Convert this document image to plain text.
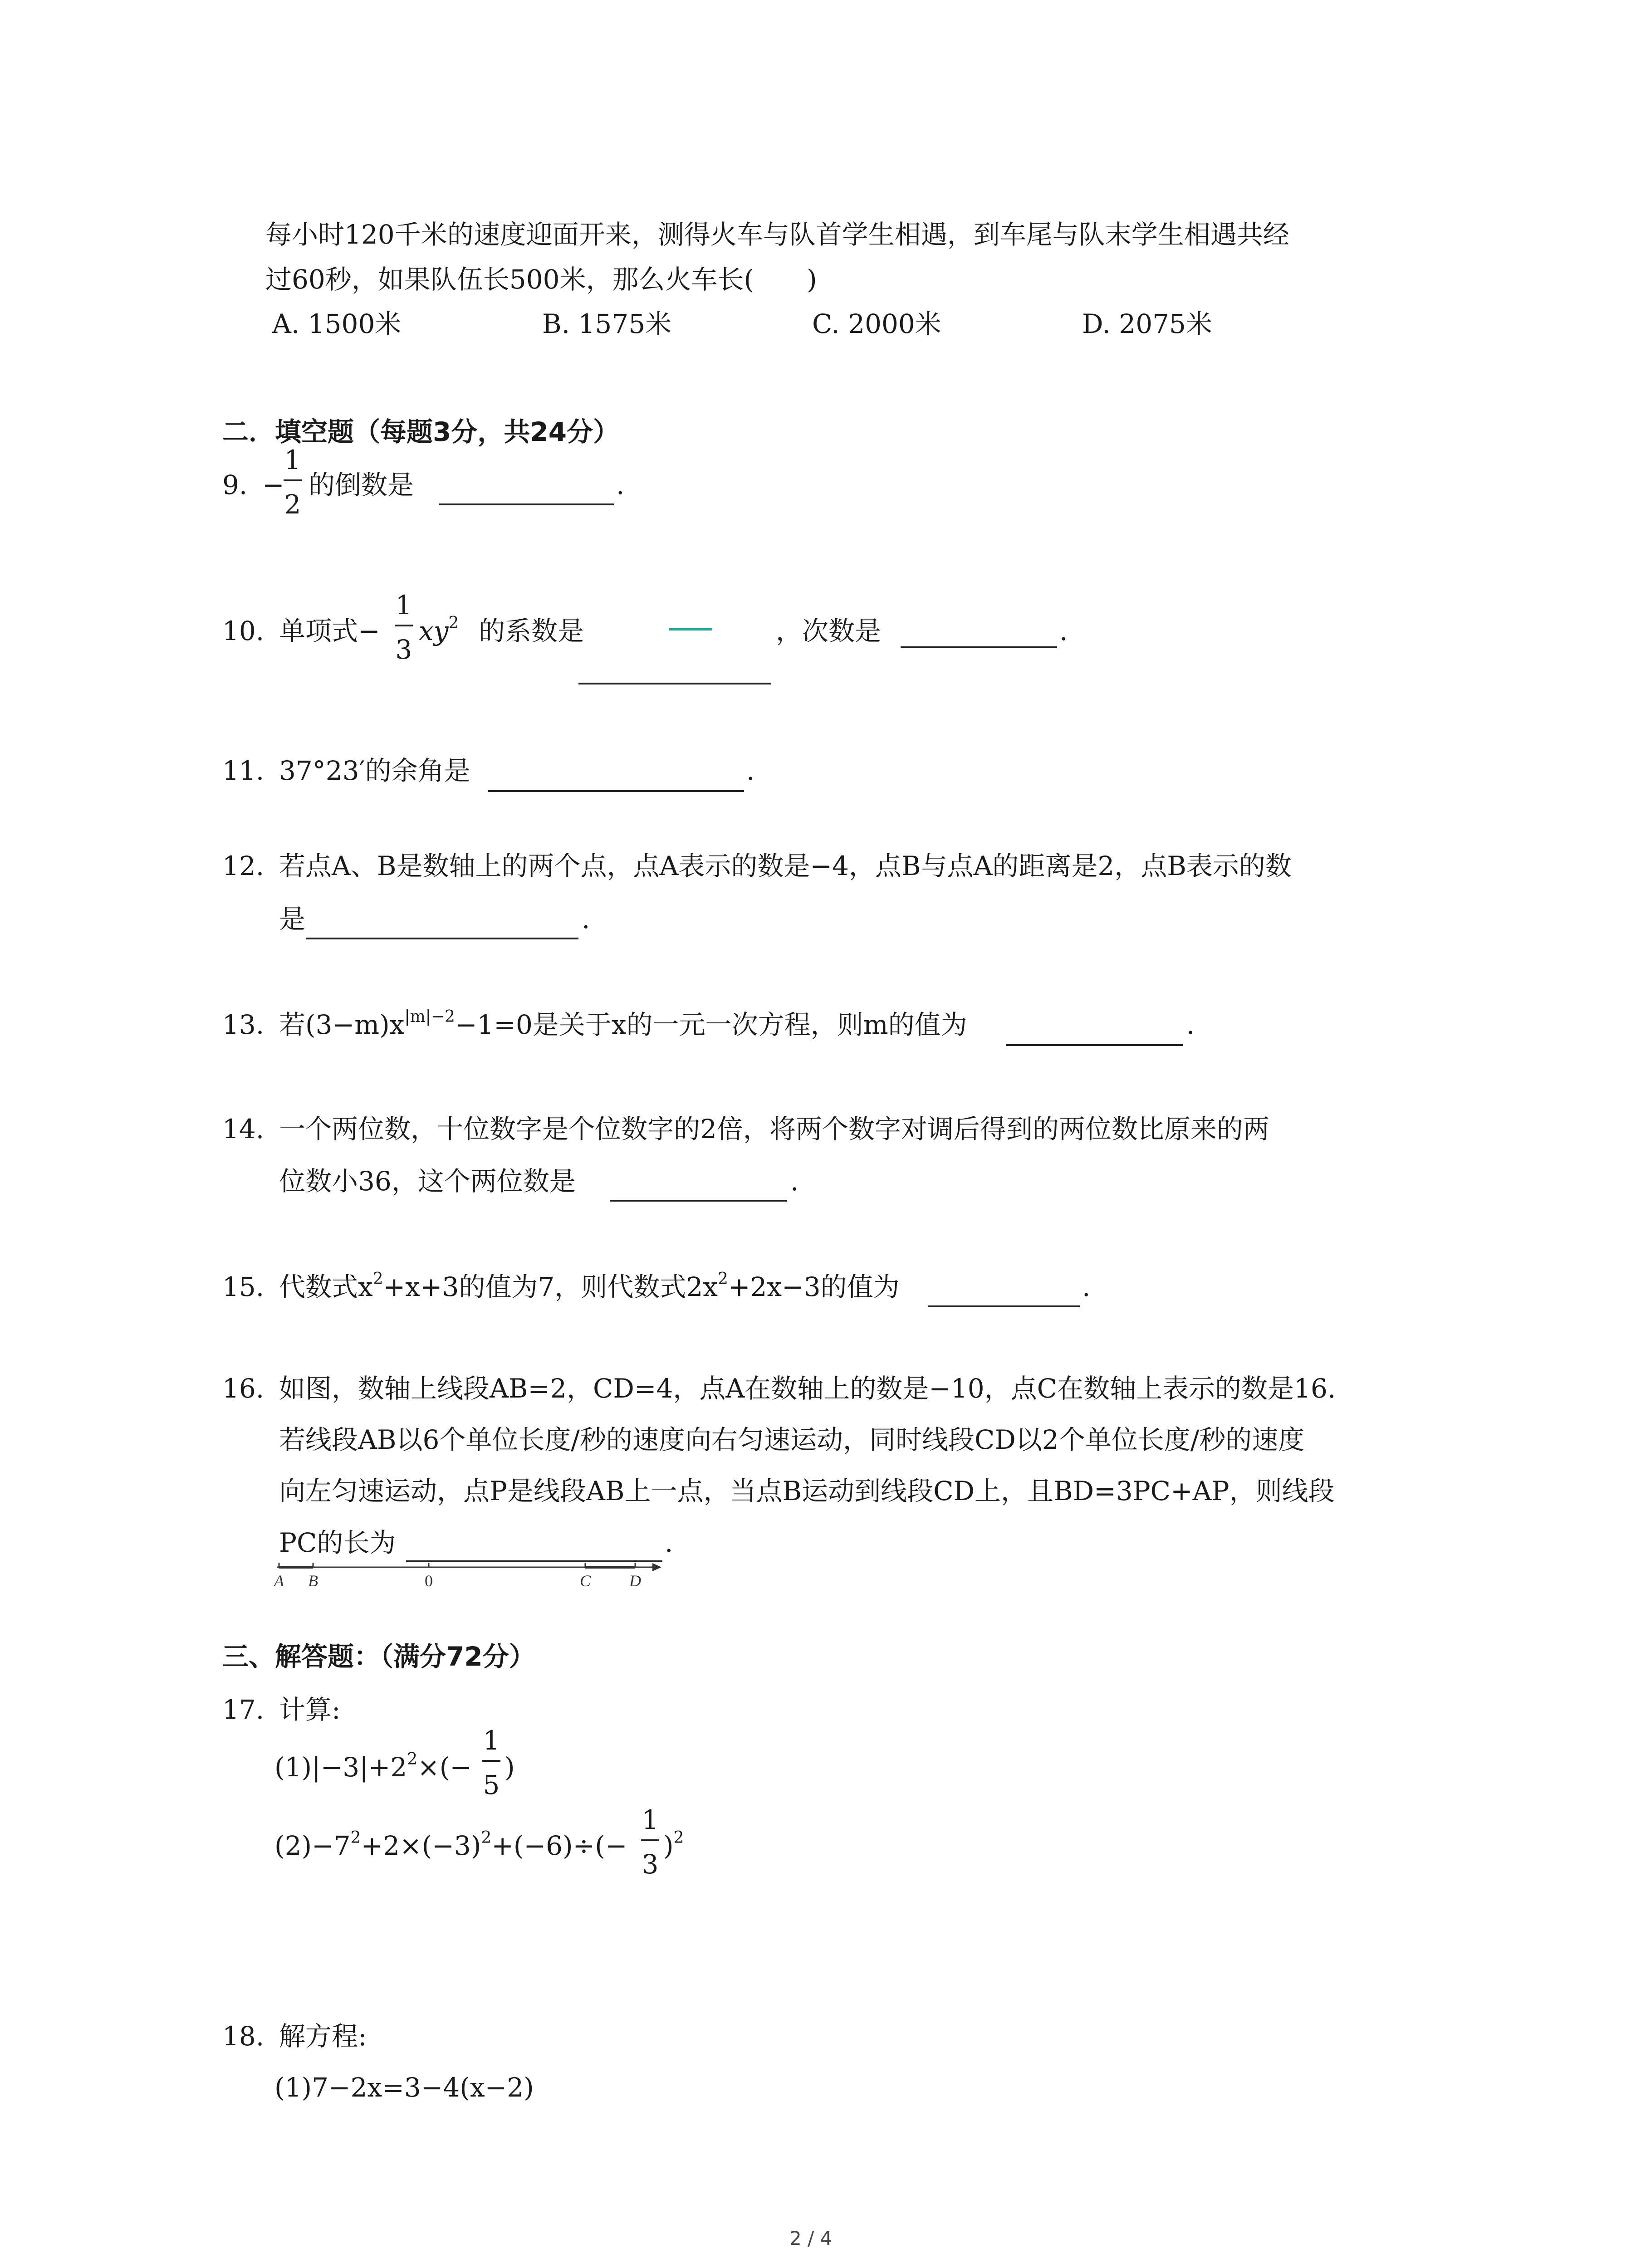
每小时120千米的速度迎面开来，测得火车与队首学生相遇，到车尾与队末学生相遇共经
过60秒，如果队伍长500米，那么火车长(　　)
A. 1500米	B. 1575米	C. 2000米	D. 2075米
二．填空题（每题3分，共24分）
9. −
1
2
的倒数是	.
10. 单项式−
1
3
$xy^2$ 的系数是	，次数是	.
11. 37°23′的余角是	.
12. 若点A、B是数轴上的两个点，点A表示的数是−4，点B与点A的距离是2，点B表示的数
是	.
13. 若$(3-m)x^{|m|-2}-1=0$是关于x的一元一次方程，则m的值为	.
14. 一个两位数，十位数字是个位数字的2倍，将两个数字对调后得到的两位数比原来的两
位数小36，这个两位数是	.
15. 代数式$x^2+x+3$的值为7，则代数式$2x^2+2x-3$的值为	.
16. 如图，数轴上线段AB=2，CD=4，点A在数轴上的数是−10，点C在数轴上表示的数是16.
若线段AB以6个单位长度/秒的速度向右匀速运动，同时线段CD以2个单位长度/秒的速度
向左匀速运动，点P是线段AB上一点，当点B运动到线段CD上，且BD=3PC+AP，则线段
PC的长为	.
A B	0	C D
三、解答题：（满分72分）
17. 计算:
$(1)|-3|+2^2\times(-$
1
5
)
$(2)-7^2+2\times(-3)^2+(-6)\div(-$
1
3
)$^2$
18. 解方程:
(1)7−2x=3−4(x−2)
2 / 4
